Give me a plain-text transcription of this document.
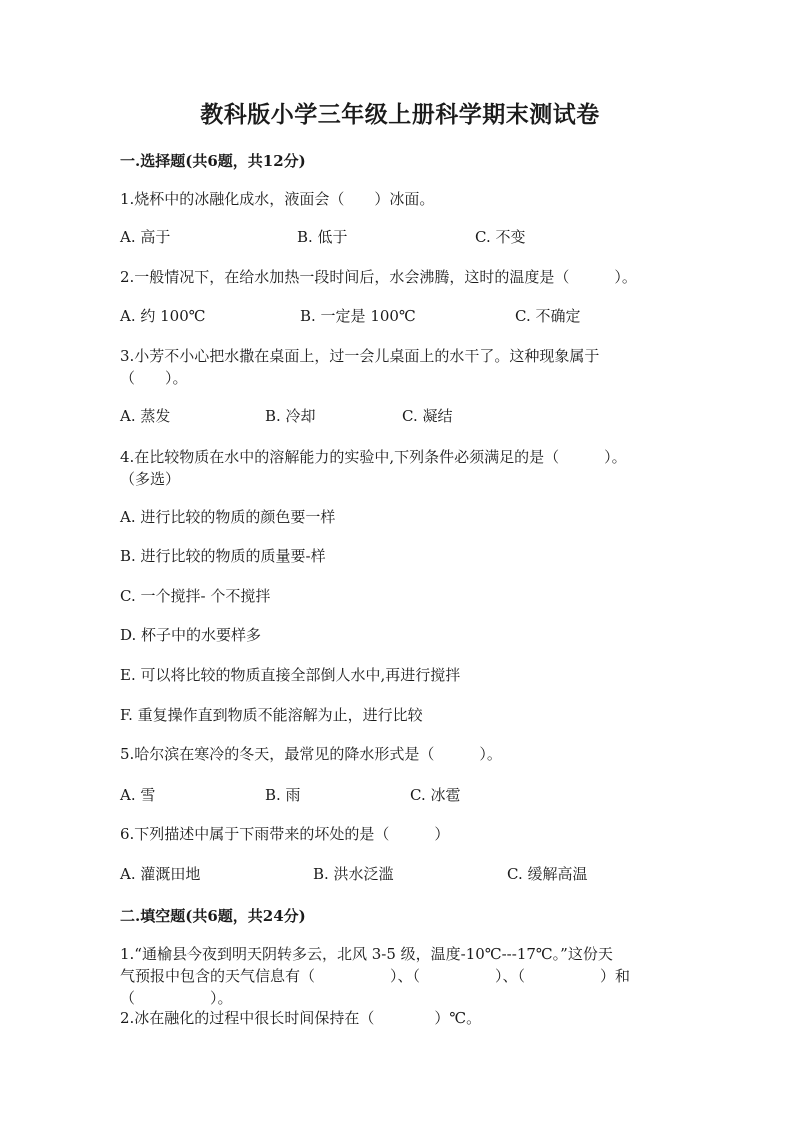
教科版小学三年级上册科学期末测试卷
一.选择题(共6题，共12分)
1.烧杯中的冰融化成水，液面会（　　）冰面。
A. 高于	B. 低于	C. 不变
2.一般情况下，在给水加热一段时间后，水会沸腾，这时的温度是（　　　）。
A. 约 100℃	B. 一定是 100℃	C. 不确定
3.小芳不小心把水撒在桌面上，过一会儿桌面上的水干了。这种现象属于
（　　）。
A. 蒸发	B. 冷却	C. 凝结
4.在比较物质在水中的溶解能力的实验中,下列条件必须满足的是（　　　）。
（多选）
A. 进行比较的物质的颜色要一样
B. 进行比较的物质的质量要-样
C. 一个搅拌- 个不搅拌
D. 杯子中的水要样多
E. 可以将比较的物质直接全部倒人水中,再进行搅拌
F. 重复操作直到物质不能溶解为止，进行比较
5.哈尔滨在寒冷的冬天，最常见的降水形式是（　　　）。
A. 雪	B. 雨	C. 冰雹
6.下列描述中属于下雨带来的坏处的是（　　　）
A. 灌溉田地	B. 洪水泛滥	C. 缓解高温
二.填空题(共6题，共24分)
1.“通榆县今夜到明天阴转多云，北风 3-5 级，温度-10℃---17℃。”这份天
气预报中包含的天气信息有（　　　　　）、（　　　　　）、（　　　　　）和
（　　　　　）。
2.冰在融化的过程中很长时间保持在（　　　　）℃。
